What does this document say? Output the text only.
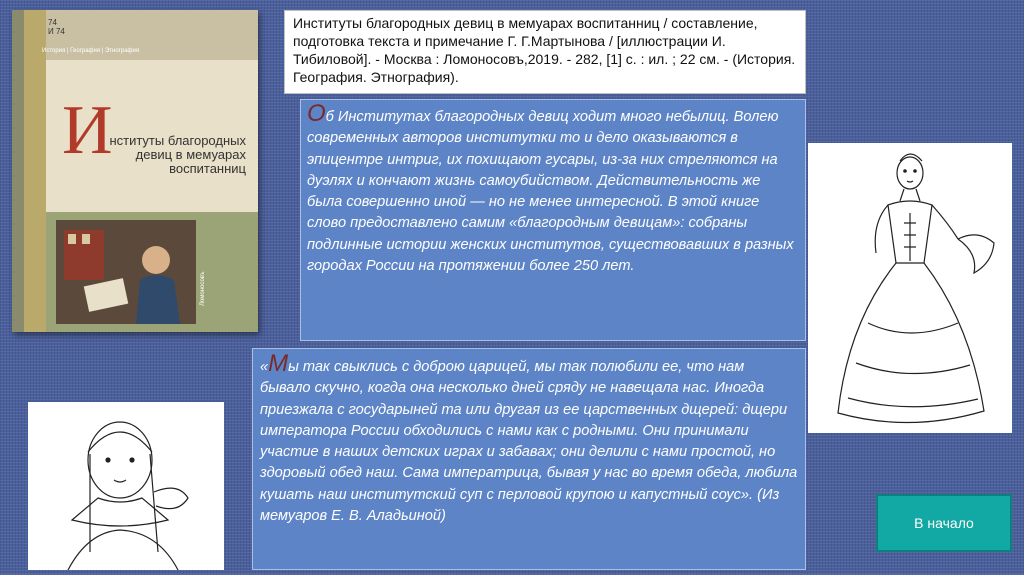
74
И 74
История | География | Этнография
И
нституты благородных девиц в мемуарах воспитанниц
Ломоносовъ
Институты благородных девиц в мемуарах воспитанниц / составление, подготовка текста и примечание Г. Г.Мартынова / [иллюстрации И. Тибиловой]. - Москва : Ломоносовъ,2019. - 282, [1] с. : ил. ; 22 см. - (История. География. Этнография).
Об Институтах благородных девиц ходит много небылиц. Волею современных авторов институтки то и дело оказываются в эпицентре интриг, их похищают гусары, из-за них стреляются на дуэлях и кончают жизнь самоубийством. Действительность же была совершенно иной — но не менее интересной. В этой книге слово предоставлено самим «благородным девицам»: собраны подлинные истории женских институтов, существовавших в разных городах России на протяжении более 250 лет.
«Мы так свыклись с доброю царицей, мы так полюбили ее, что нам бывало скучно, когда она несколько дней сряду не навещала нас. Иногда приезжала с государыней та или другая из ее царственных дщерей: дщери императора России обходились с нами как с родными. Они принимали участие в наших детских играх и забавах; они делили с нами простой, но здоровый обед наш. Сама императрица, бывая у нас во время обеда, любила кушать наш институтский суп с перловой крупою и капустный соус». (Из мемуаров Е. В. Аладьиной)	В начало
